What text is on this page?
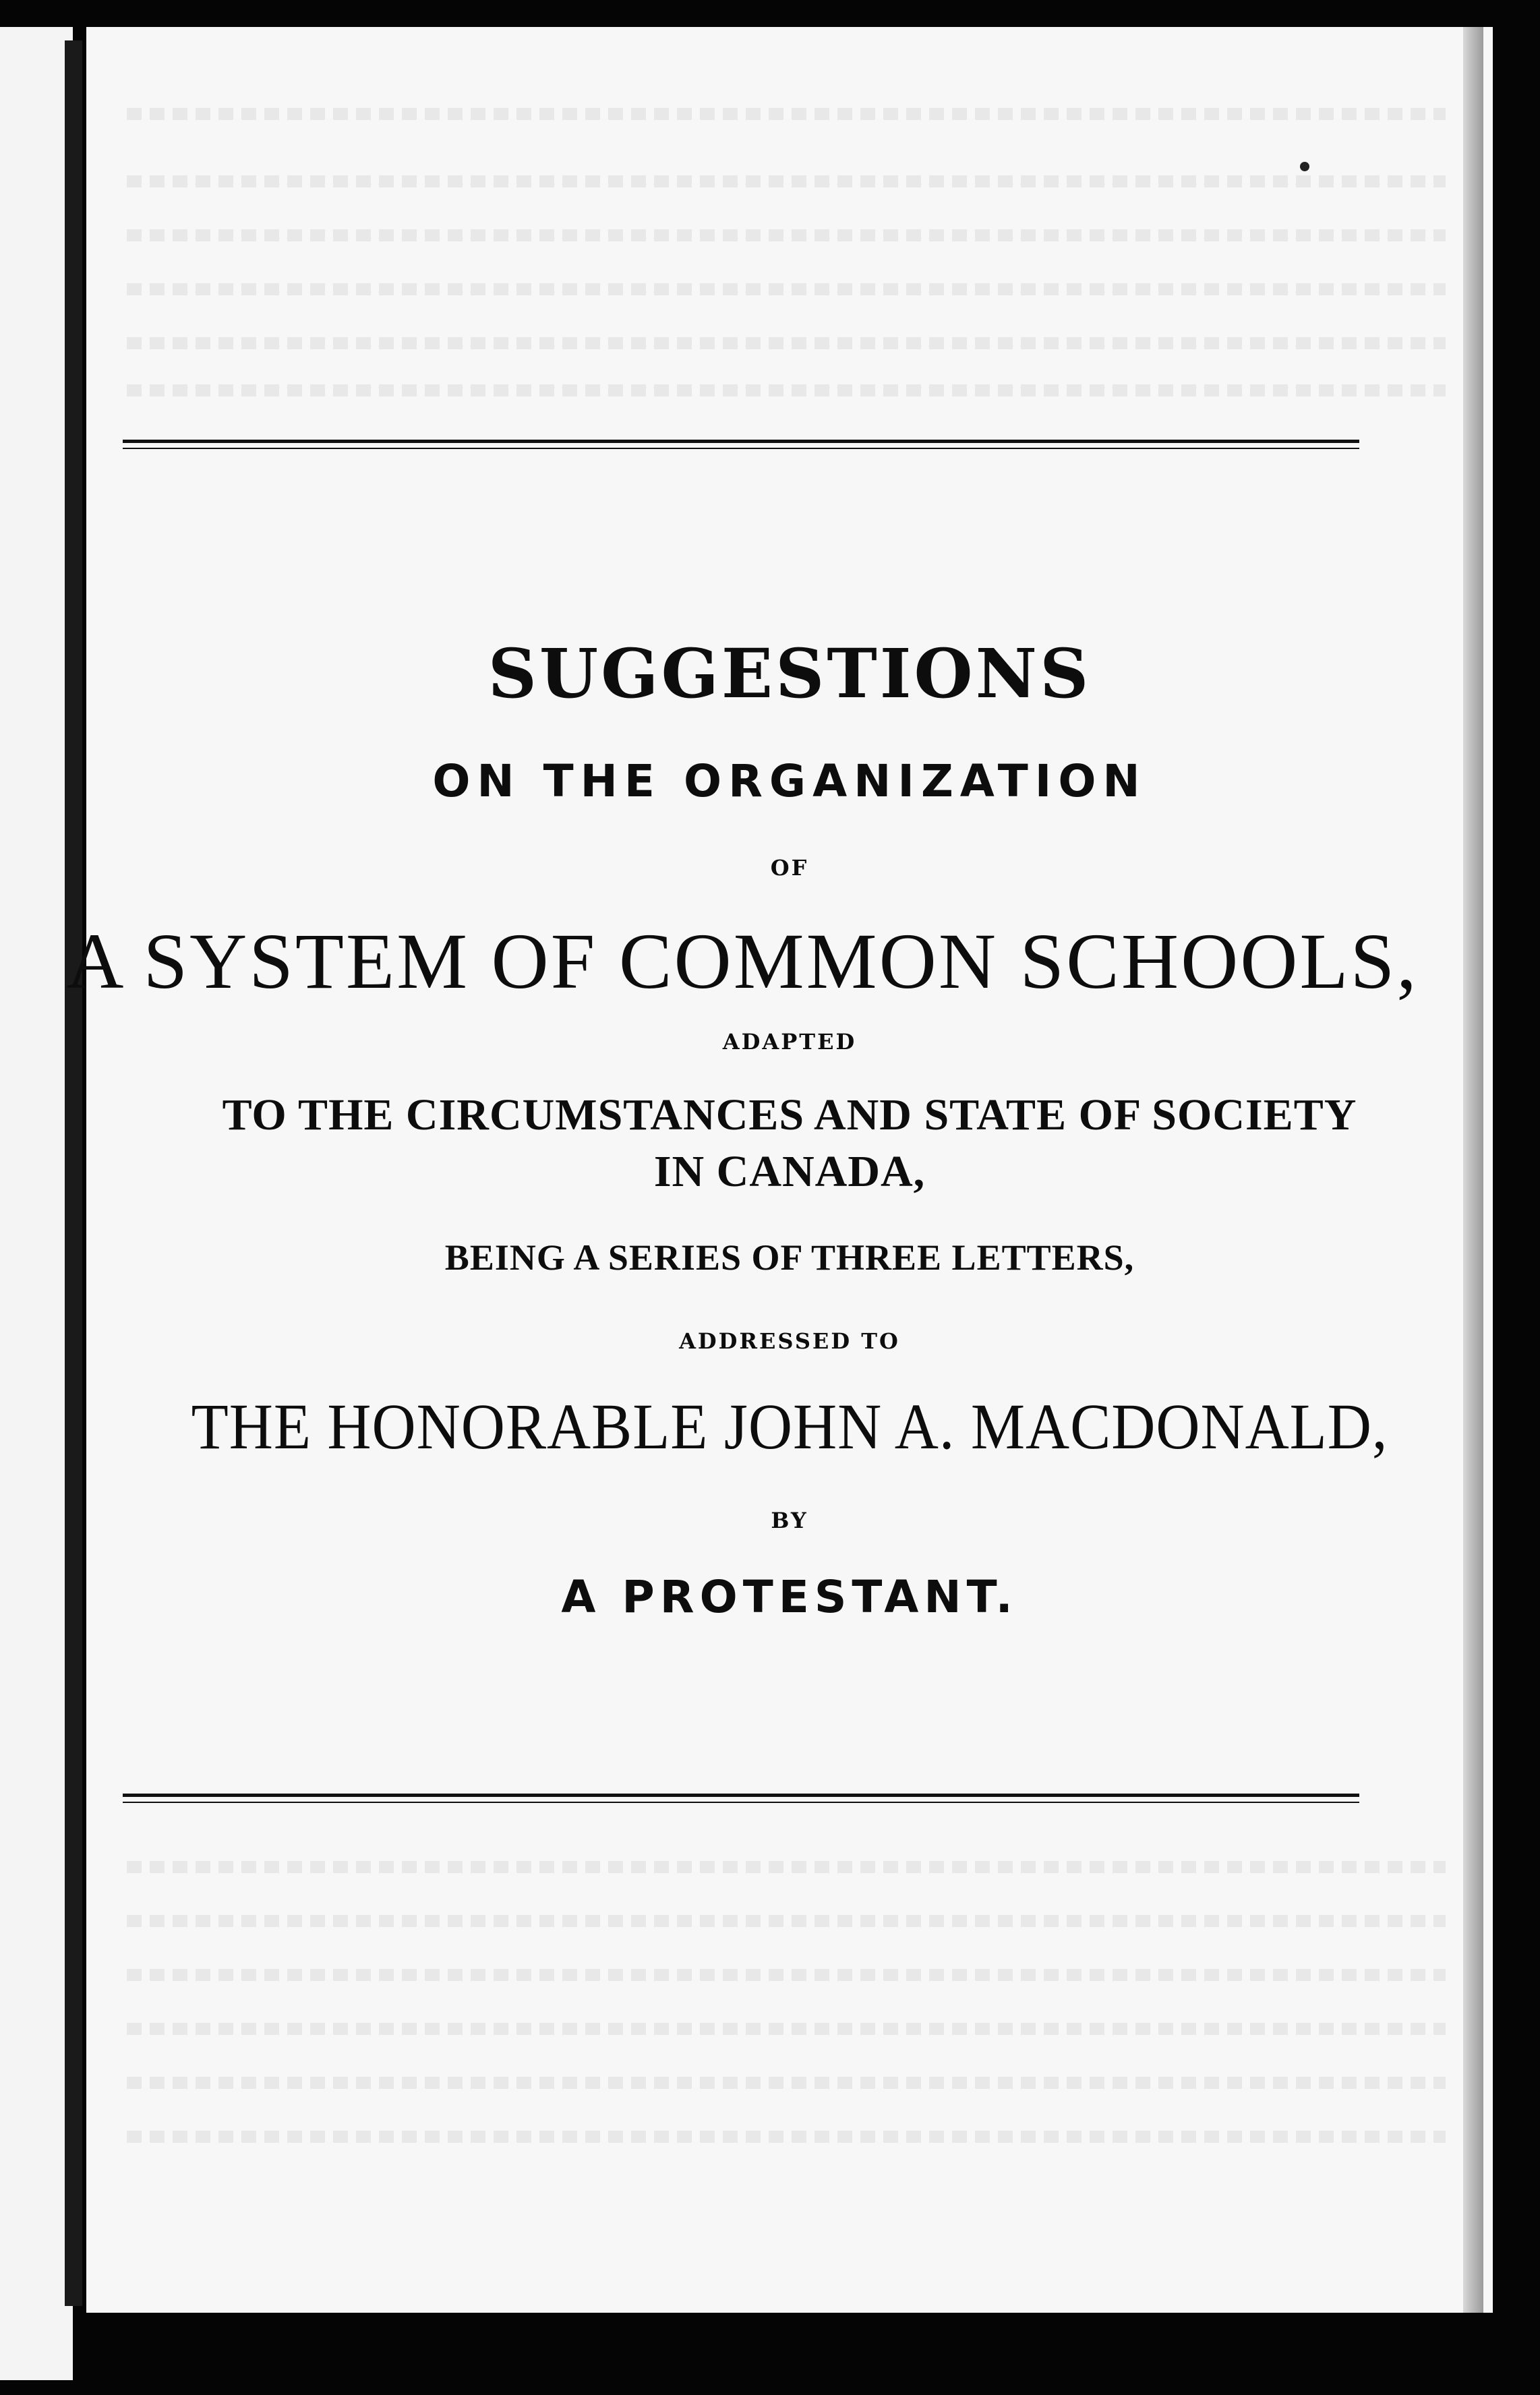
SUGGESTIONS

ON THE ORGANIZATION

OF

A SYSTEM OF COMMON SCHOOLS,

ADAPTED

TO THE CIRCUMSTANCES AND STATE OF SOCIETY

IN CANADA,

BEING A SERIES OF THREE LETTERS,

ADDRESSED TO

THE HONORABLE JOHN A. MACDONALD,

BY

A PROTESTANT.
